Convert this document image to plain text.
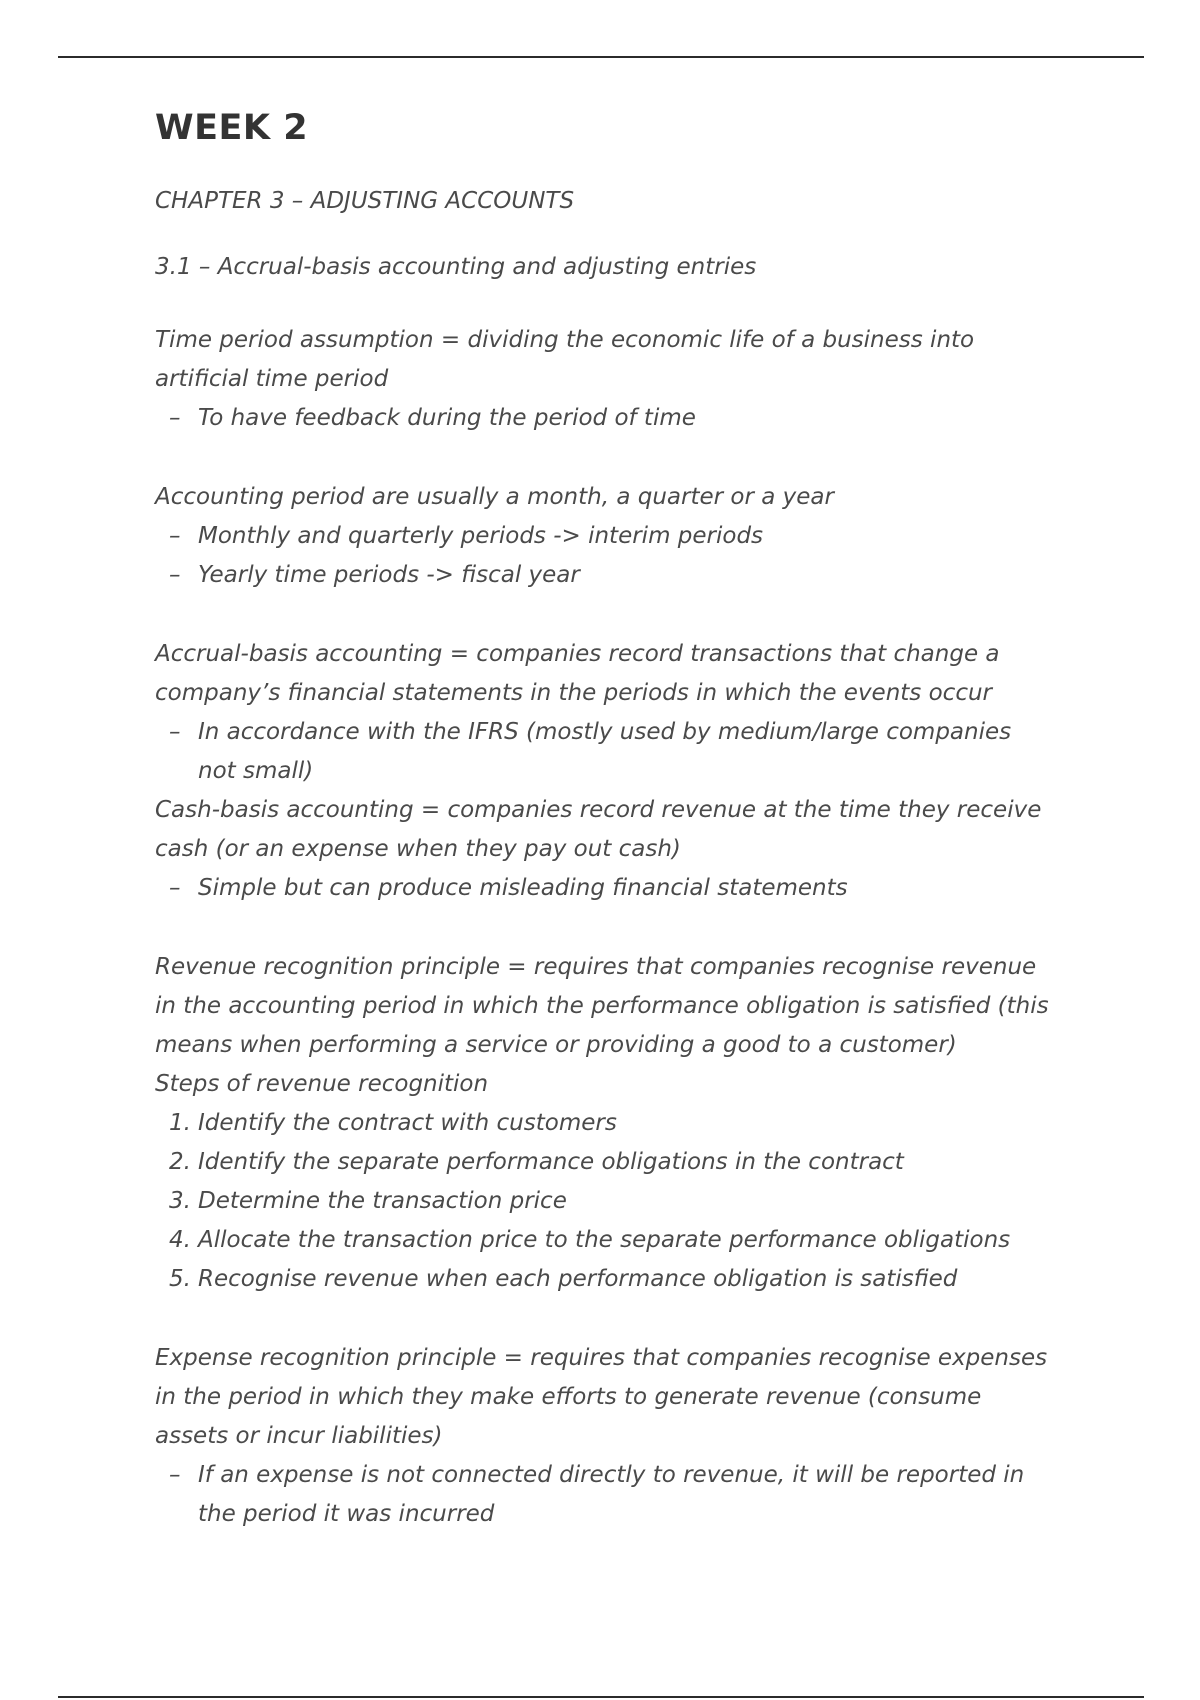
WEEK 2
CHAPTER 3 – ADJUSTING ACCOUNTS
3.1 – Accrual-basis accounting and adjusting entries

Time period assumption = dividing the economic life of a business into artificial time period

– To have feedback during the period of time

Accounting period are usually a month, a quarter or a year

– Monthly and quarterly periods -> interim periods
– Yearly time periods -> fiscal year

Accrual-basis accounting = companies record transactions that change a company’s financial statements in the periods in which the events occur

– In accordance with the IFRS (mostly used by medium/large companies not small)

Cash-basis accounting = companies record revenue at the time they receive cash (or an expense when they pay out cash)

– Simple but can produce misleading financial statements

Revenue recognition principle = requires that companies recognise revenue in the accounting period in which the performance obligation is satisfied (this means when performing a service or providing a good to a customer)

Steps of revenue recognition

Identify the contract with customers
Identify the separate performance obligations in the contract
Determine the transaction price
Allocate the transaction price to the separate performance obligations
Recognise revenue when each performance obligation is satisfied

Expense recognition principle = requires that companies recognise expenses in the period in which they make efforts to generate revenue (consume assets or incur liabilities)

– If an expense is not connected directly to revenue, it will be reported in the period it was incurred
